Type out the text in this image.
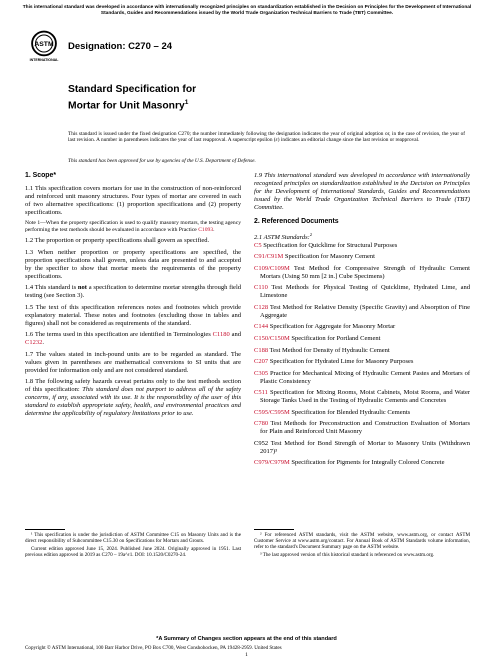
This international standard was developed in accordance with internationally recognized principles on standardization established in the Decision on Principles for the Development of International Standards, Guides and Recommendations issued by the World Trade Organization Technical Barriers to Trade (TBT) Committee.

ASTM
INTERNATIONAL

Designation: C270 – 24

Standard Specification for
Mortar for Unit Masonry$^1$

This standard is issued under the fixed designation C270; the number immediately following the designation indicates the year of original adoption or, in the case of revision, the year of last revision. A number in parentheses indicates the year of last reapproval. A superscript epsilon (ε) indicates an editorial change since the last revision or reapproval.

This standard has been approved for use by agencies of the U.S. Department of Defense.

1. Scope*

1.1 This specification covers mortars for use in the construction of non-reinforced and reinforced unit masonry structures. Four types of mortar are covered in each of two alternative specifications: (1) proportion specifications and (2) property specifications.

Note 1—When the property specification is used to qualify masonry mortars, the testing agency performing the test methods should be evaluated in accordance with Practice C1093.

1.2 The proportion or property specifications shall govern as specified.

1.3 When neither proportion or property specifications are specified, the proportion specifications shall govern, unless data are presented to and accepted by the specifier to show that mortar meets the requirements of the property specifications.

1.4 This standard is not a specification to determine mortar strengths through field testing (see Section 3).

1.5 The text of this specification references notes and footnotes which provide explanatory material. These notes and footnotes (excluding those in tables and figures) shall not be considered as requirements of the standard.

1.6 The terms used in this specification are identified in Terminologies C1180 and C1232.

1.7 The values stated in inch-pound units are to be regarded as standard. The values given in parentheses are mathematical conversions to SI units that are provided for information only and are not considered standard.

1.8 The following safety hazards caveat pertains only to the test methods section of this specification: This standard does not purport to address all of the safety concerns, if any, associated with its use. It is the responsibility of the user of this standard to establish appropriate safety, health, and environmental practices and determine the applicability of regulatory limitations prior to use.

1.9 This international standard was developed in accordance with internationally recognized principles on standardization established in the Decision on Principles for the Development of International Standards, Guides and Recommendations issued by the World Trade Organization Technical Barriers to Trade (TBT) Committee.

2. Referenced Documents

2.1 ASTM Standards:$^2$

C5 Specification for Quicklime for Structural Purposes

C91/C91M Specification for Masonry Cement

C109/C109M Test Method for Compressive Strength of Hydraulic Cement Mortars (Using 50 mm [2 in.] Cube Specimens)

C110 Test Methods for Physical Testing of Quicklime, Hydrated Lime, and Limestone

C128 Test Method for Relative Density (Specific Gravity) and Absorption of Fine Aggregate

C144 Specification for Aggregate for Masonry Mortar

C150/C150M Specification for Portland Cement

C188 Test Method for Density of Hydraulic Cement

C207 Specification for Hydrated Lime for Masonry Purposes

C305 Practice for Mechanical Mixing of Hydraulic Cement Pastes and Mortars of Plastic Consistency

C511 Specification for Mixing Rooms, Moist Cabinets, Moist Rooms, and Water Storage Tanks Used in the Testing of Hydraulic Cements and Concretes

C595/C595M Specification for Blended Hydraulic Cements

C780 Test Methods for Preconstruction and Construction Evaluation of Mortars for Plain and Reinforced Unit Masonry

C952 Test Method for Bond Strength of Mortar to Masonry Units (Withdrawn 2017)³

C979/C979M Specification for Pigments for Integrally Colored Concrete

¹ This specification is under the jurisdiction of ASTM Committee C15 on Masonry Units and is the direct responsibility of Subcommittee C15.30 on Specifications for Mortars and Grouts.

Current edition approved June 15, 2024. Published June 2024. Originally approved in 1951. Last previous edition approved in 2019 as C270 – 19a^ε1. DOI: 10.1520/C0270-24.

² For referenced ASTM standards, visit the ASTM website, www.astm.org, or contact ASTM Customer Service at www.astm.org/contact. For Annual Book of ASTM Standards volume information, refer to the standard's Document Summary page on the ASTM website.

³ The last approved version of this historical standard is referenced on www.astm.org.

*A Summary of Changes section appears at the end of this standard

Copyright © ASTM International, 100 Barr Harbor Drive, PO Box C700, West Conshohocken, PA 19428-2959. United States

1
